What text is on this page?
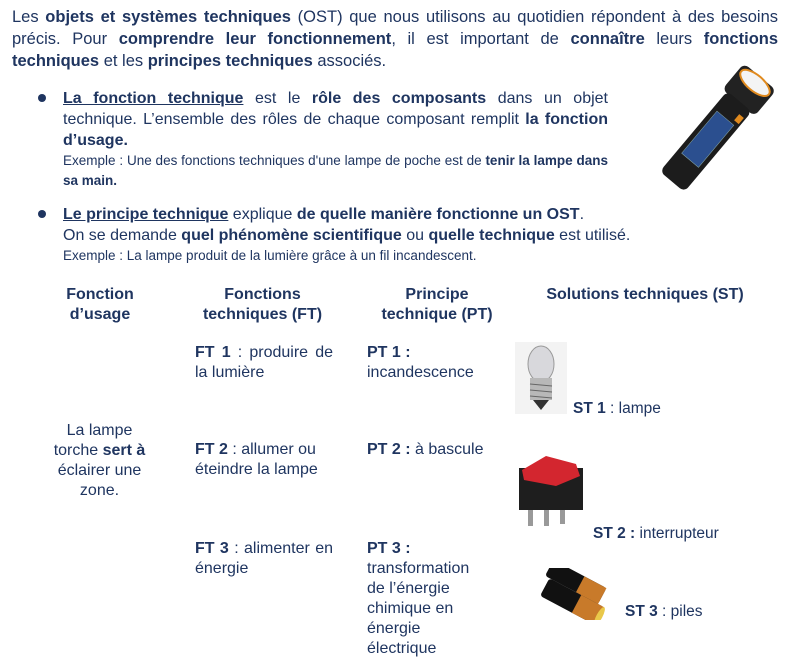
Les objets et systèmes techniques (OST) que nous utilisons au quotidien répondent à des besoins précis. Pour comprendre leur fonctionnement, il est important de connaître leurs fonctions techniques et les principes techniques associés.
La fonction technique est le rôle des composants dans un objet technique. L’ensemble des rôles de chaque composant remplit la fonction d’usage.
Exemple : Une des fonctions techniques d'une lampe de poche est de tenir la lampe dans sa main.
Le principe technique explique de quelle manière fonctionne un OST.
On se demande quel phénomène scientifique ou quelle technique est utilisé.
Exemple : La lampe produit de la lumière grâce à un fil incandescent.
Fonction d’usage
Fonctions techniques (FT)
Principe technique (PT)
Solutions techniques (ST)
La lampe torche sert à éclairer une zone.
FT 1 : produire de la lumière
FT 2 : allumer ou éteindre la lampe
FT 3 : alimenter en énergie
PT 1 : incandescence
PT 2 : à bascule
PT 3 : transformation de l’énergie chimique en énergie électrique
ST 1 : lampe
ST 2 : interrupteur
ST 3 : piles
